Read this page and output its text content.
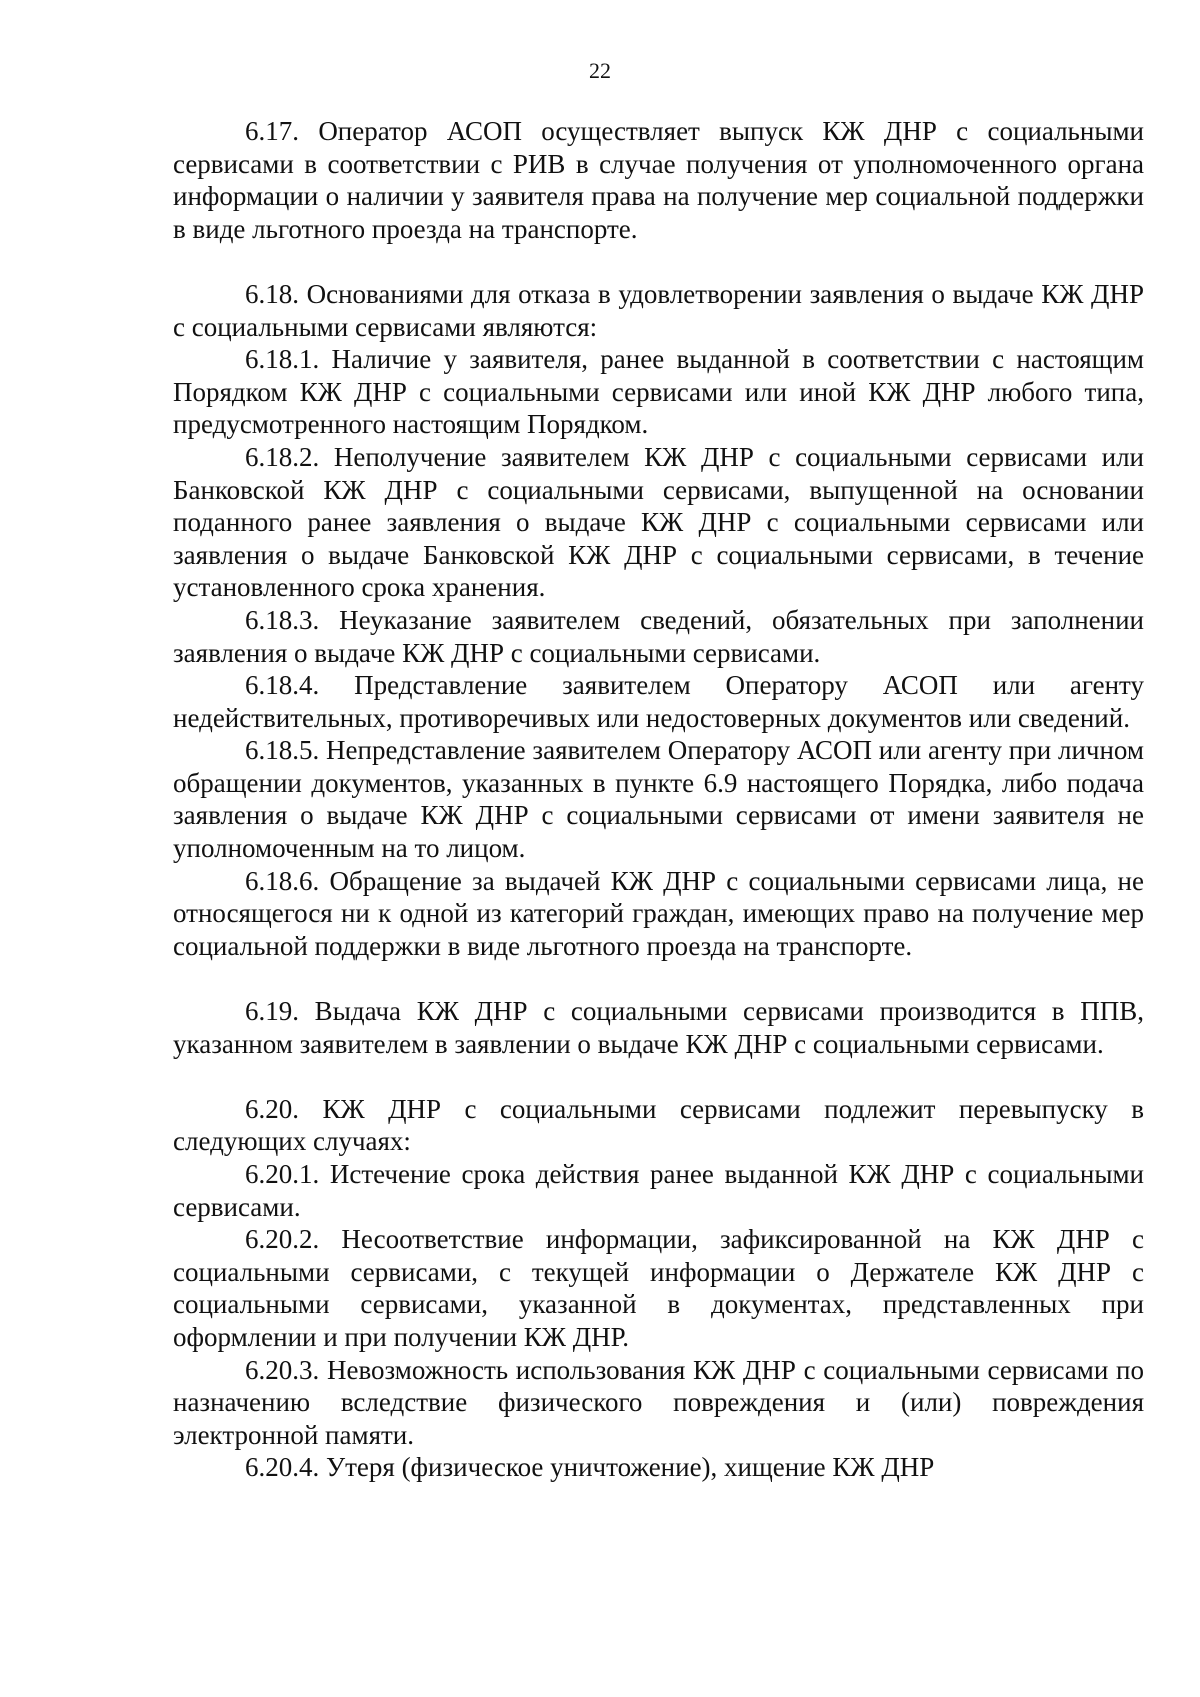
22

6.17. Оператор АСОП осуществляет выпуск КЖ ДНР с социальными сервисами в соответствии с РИВ в случае получения от уполномоченного органа информации о наличии у заявителя права на получение мер социальной поддержки в виде льготного проезда на транспорте.

6.18. Основаниями для отказа в удовлетворении заявления о выдаче КЖ ДНР с социальными сервисами являются:

6.18.1. Наличие у заявителя, ранее выданной в соответствии с настоящим Порядком КЖ ДНР с социальными сервисами или иной КЖ ДНР любого типа, предусмотренного настоящим Порядком.

6.18.2. Неполучение заявителем КЖ ДНР с социальными сервисами или Банковской КЖ ДНР с социальными сервисами, выпущенной на основании поданного ранее заявления о выдаче КЖ ДНР с социальными сервисами или заявления о выдаче Банковской КЖ ДНР с социальными сервисами, в течение установленного срока хранения.

6.18.3. Неуказание заявителем сведений, обязательных при заполнении заявления о выдаче КЖ ДНР с социальными сервисами.

6.18.4. Представление заявителем Оператору АСОП или агенту недействительных, противоречивых или недостоверных документов или сведений.

6.18.5. Непредставление заявителем Оператору АСОП или агенту при личном обращении документов, указанных в пункте 6.9 настоящего Порядка, либо подача заявления о выдаче КЖ ДНР с социальными сервисами от имени заявителя не уполномоченным на то лицом.

6.18.6. Обращение за выдачей КЖ ДНР с социальными сервисами лица, не относящегося ни к одной из категорий граждан, имеющих право на получение мер социальной поддержки в виде льготного проезда на транспорте.

6.19. Выдача КЖ ДНР с социальными сервисами производится в ППВ, указанном заявителем в заявлении о выдаче КЖ ДНР с социальными сервисами.

6.20. КЖ ДНР с социальными сервисами подлежит перевыпуску в следующих случаях:

6.20.1. Истечение срока действия ранее выданной КЖ ДНР с социальными сервисами.

6.20.2. Несоответствие информации, зафиксированной на КЖ ДНР с социальными сервисами, с текущей информации о Держателе КЖ ДНР с социальными сервисами, указанной в документах, представленных при оформлении и при получении КЖ ДНР.

6.20.3. Невозможность использования КЖ ДНР с социальными сервисами по назначению вследствие физического повреждения и (или) повреждения электронной памяти.

6.20.4. Утеря (физическое уничтожение), хищение КЖ ДНР
